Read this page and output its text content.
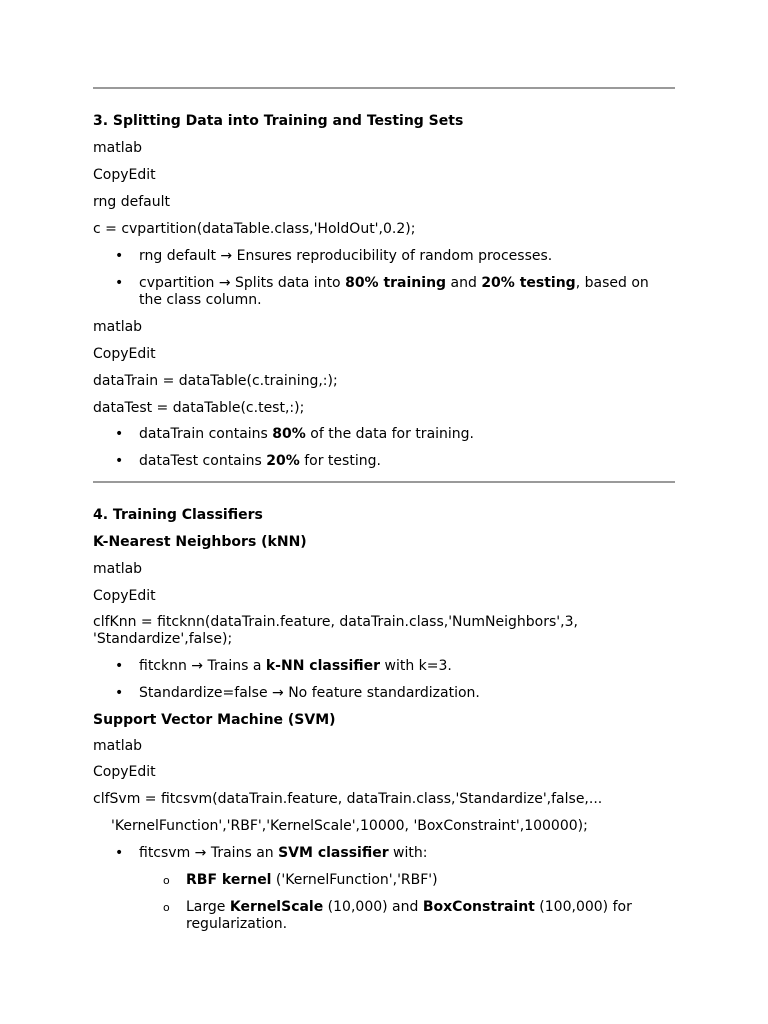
3. Splitting Data into Training and Testing Sets

matlab

CopyEdit

rng default

c = cvpartition(dataTable.class,'HoldOut',0.2);

• rng default → Ensures reproducibility of random processes.
• cvpartition → Splits data into 80% training and 20% testing, based on the class column.

matlab

CopyEdit

dataTrain = dataTable(c.training,:);

dataTest = dataTable(c.test,:);

• dataTrain contains 80% of the data for training.
• dataTest contains 20% for testing.

4. Training Classifiers

K-Nearest Neighbors (kNN)

matlab

CopyEdit

clfKnn = fitcknn(dataTrain.feature, dataTrain.class,'NumNeighbors',3, 'Standardize',false);

• fitcknn → Trains a k-NN classifier with k=3.
• Standardize=false → No feature standardization.

Support Vector Machine (SVM)

matlab

CopyEdit

clfSvm = fitcsvm(dataTrain.feature, dataTrain.class,'Standardize',false,...

'KernelFunction','RBF','KernelScale',10000, 'BoxConstraint',100000);

• fitcsvm → Trains an SVM classifier with:
o RBF kernel ('KernelFunction','RBF')
o Large KernelScale (10,000) and BoxConstraint (100,000) for regularization.
